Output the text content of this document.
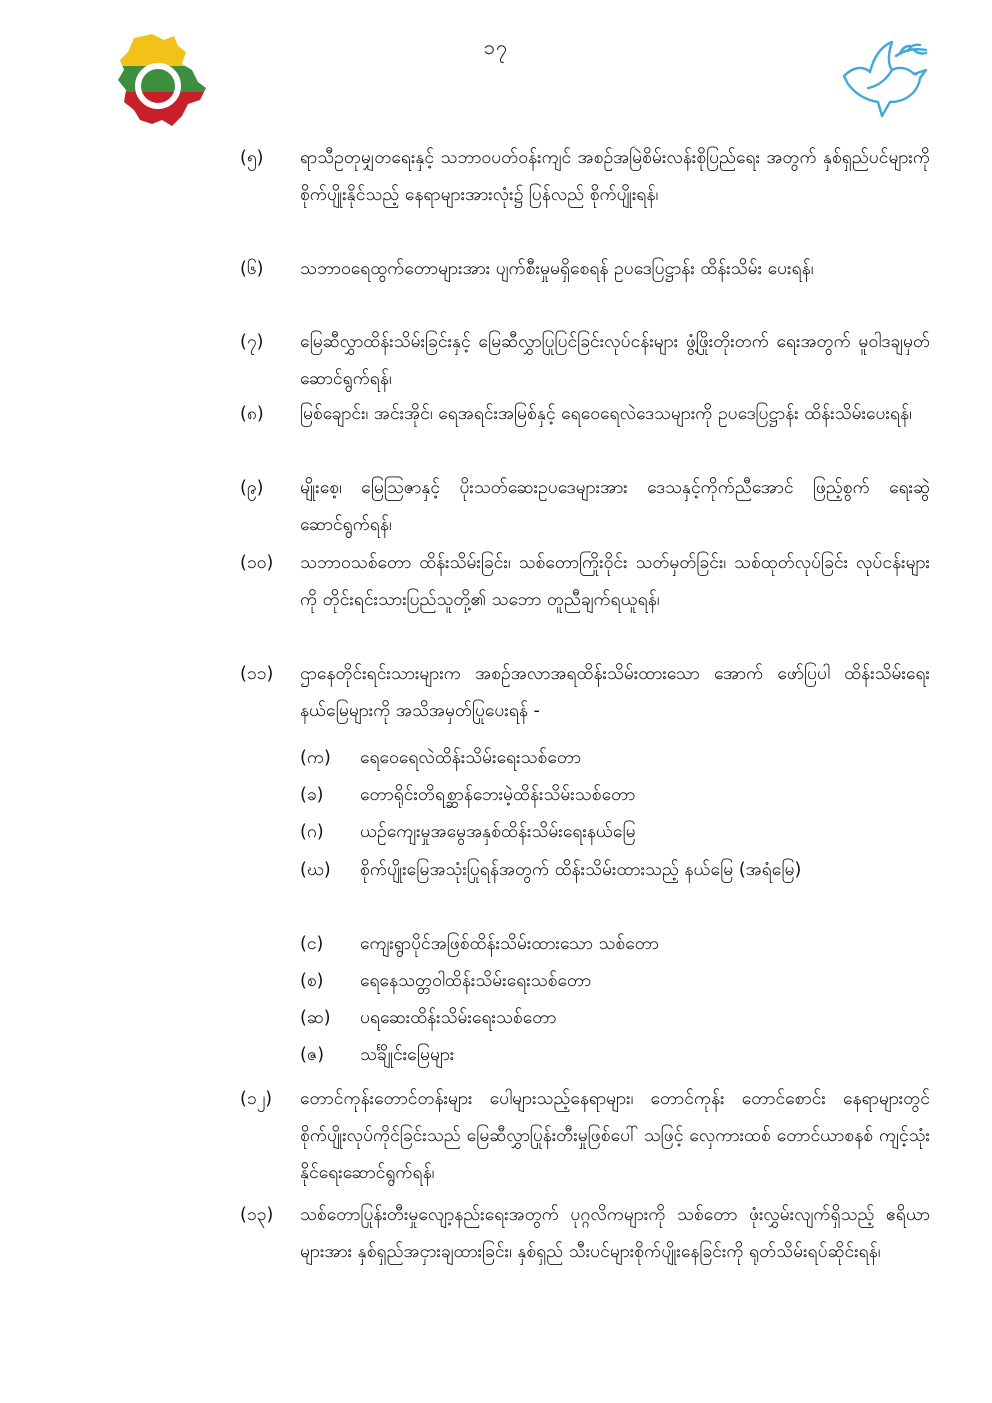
၁၇
(၅)	ရာသီဥတုမျှတရေးနှင့် သဘာဝပတ်ဝန်းကျင် အစဉ်အမြဲစိမ်းလန်းစိုပြည်ရေး အတွက် နှစ်ရှည်ပင်များကို စိုက်ပျိုးနိုင်သည့် နေရာများအားလုံး၌ ပြန်လည် စိုက်ပျိုးရန်၊
(၆)	သဘာဝရေထွက်တောများအား ပျက်စီးမှုမရှိစေရန် ဥပဒေပြဋ္ဌာန်း ထိန်းသိမ်း ပေးရန်၊
(၇)	မြေဆီလွှာထိန်းသိမ်းခြင်းနှင့် မြေဆီလွှာပြုပြင်ခြင်းလုပ်ငန်းများ ဖွံ့ဖြိုးတိုးတက် ရေးအတွက် မူဝါဒချမှတ်ဆောင်ရွက်ရန်၊
(၈)	မြစ်ချောင်း၊ အင်းအိုင်၊ ရေအရင်းအမြစ်နှင့် ရေဝေရေလဲဒေသများကို ဥပဒေပြဋ္ဌာန်း ထိန်းသိမ်းပေးရန်၊
(၉)	မျိုးစေ့၊ မြေသြဇာနှင့် ပိုးသတ်ဆေးဥပဒေများအား ဒေသနှင့်ကိုက်ညီအောင် ဖြည့်စွက် ရေးဆွဲဆောင်ရွက်ရန်၊
(၁၀)	သဘာဝသစ်တော ထိန်းသိမ်းခြင်း၊ သစ်တောကြိုးဝိုင်း သတ်မှတ်ခြင်း၊ သစ်ထုတ်လုပ်ခြင်း လုပ်ငန်းများကို တိုင်းရင်းသားပြည်သူတို့၏ သဘော တူညီချက်ရယူရန်၊
(၁၁)	ဌာနေတိုင်းရင်းသားများက အစဉ်အလာအရထိန်းသိမ်းထားသော အောက် ဖော်ပြပါ ထိန်းသိမ်းရေးနယ်မြေများကို အသိအမှတ်ပြုပေးရန် -
(က)	ရေဝေရေလဲထိန်းသိမ်းရေးသစ်တော
(ခ)	တောရိုင်းတိရစ္ဆာန်ဘေးမဲ့ထိန်းသိမ်းသစ်တော
(ဂ)	ယဉ်ကျေးမှုအမွေအနှစ်ထိန်းသိမ်းရေးနယ်မြေ
(ဃ)	စိုက်ပျိုးမြေအသုံးပြုရန်အတွက် ထိန်းသိမ်းထားသည့် နယ်မြေ (အရံမြေ)
(င)	ကျေးရွာပိုင်အဖြစ်ထိန်းသိမ်းထားသော သစ်တော
(စ)	ရေနေသတ္တဝါထိန်းသိမ်းရေးသစ်တော
(ဆ)	ပရဆေးထိန်းသိမ်းရေးသစ်တော
(ဇ)	သင်္ချိုင်းမြေများ
(၁၂)	တောင်ကုန်းတောင်တန်းများ ပေါများသည့်နေရာများ၊ တောင်ကုန်း တောင်စောင်း နေရာများတွင် စိုက်ပျိုးလုပ်ကိုင်ခြင်းသည် မြေဆီလွှာပြုန်းတီးမှုဖြစ်ပေါ် သဖြင့် လှေကားထစ် တောင်ယာစနစ် ကျင့်သုံးနိုင်ရေးဆောင်ရွက်ရန်၊
(၁၃)	သစ်တောပြုန်းတီးမှုလျော့နည်းရေးအတွက် ပုဂ္ဂလိကများကို သစ်တော ဖုံးလွှမ်းလျက်ရှိသည့် ဧရိယာများအား နှစ်ရှည်အငှားချထားခြင်း၊ နှစ်ရှည် သီးပင်များစိုက်ပျိုးနေခြင်းကို ရုတ်သိမ်းရပ်ဆိုင်းရန်၊
